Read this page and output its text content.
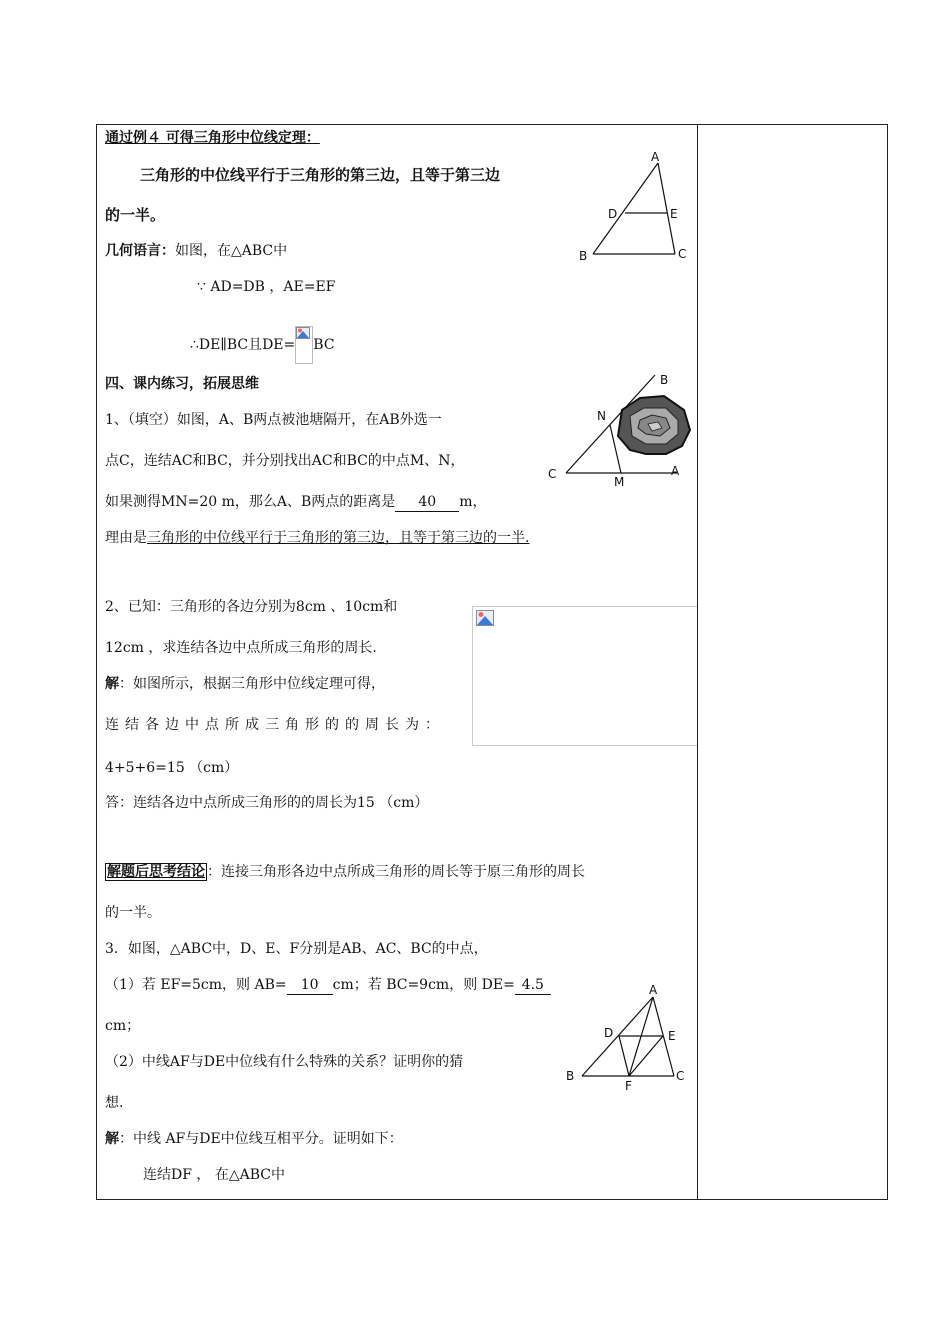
通过例４ 可得三角形中位线定理：
三角形的中位线平行于三角形的第三边，且等于第三边
的一半。
几何语言：如图，在△ABC中
∵ AD=DB ，AE=EF
∴DE∥BC且DE= BC
A
D	E
B	C
四、课内练习，拓展思维
1、（填空）如图，A、B两点被池塘隔开，在AB外选一
点C，连结AC和BC，并分别找出AC和BC的中点M、N，
如果测得MN=20 m，那么A、B两点的距离是 40 m，
理由是三角形的中位线平行于三角形的第三边，且等于第三边的一半.
B
N
C
M
A
2、已知：三角形的各边分别为8cm 、10cm和
12cm ，求连结各边中点所成三角形的周长.
解：如图所示，根据三角形中位线定理可得，
连结各边中点所成三角形的的周长为：
4+5+6=15 （cm）
答：连结各边中点所成三角形的的周长为15 （cm）
解题后思考结论 ：连接三角形各边中点所成三角形的周长等于原三角形的周长
的一半。
3．如图，△ABC中，D、E、F分别是AB、AC、BC的中点，
（1）若 EF=5cm，则 AB= 10 cm；若 BC=9cm，则 DE= 4.5
cm；
（2）中线AF与DE中位线有什么特殊的关系？证明你的猜
想.
解：中线 AF与DE中位线互相平分。证明如下：
连结DF ， 在△ABC中
A
D	E
B
F
C
